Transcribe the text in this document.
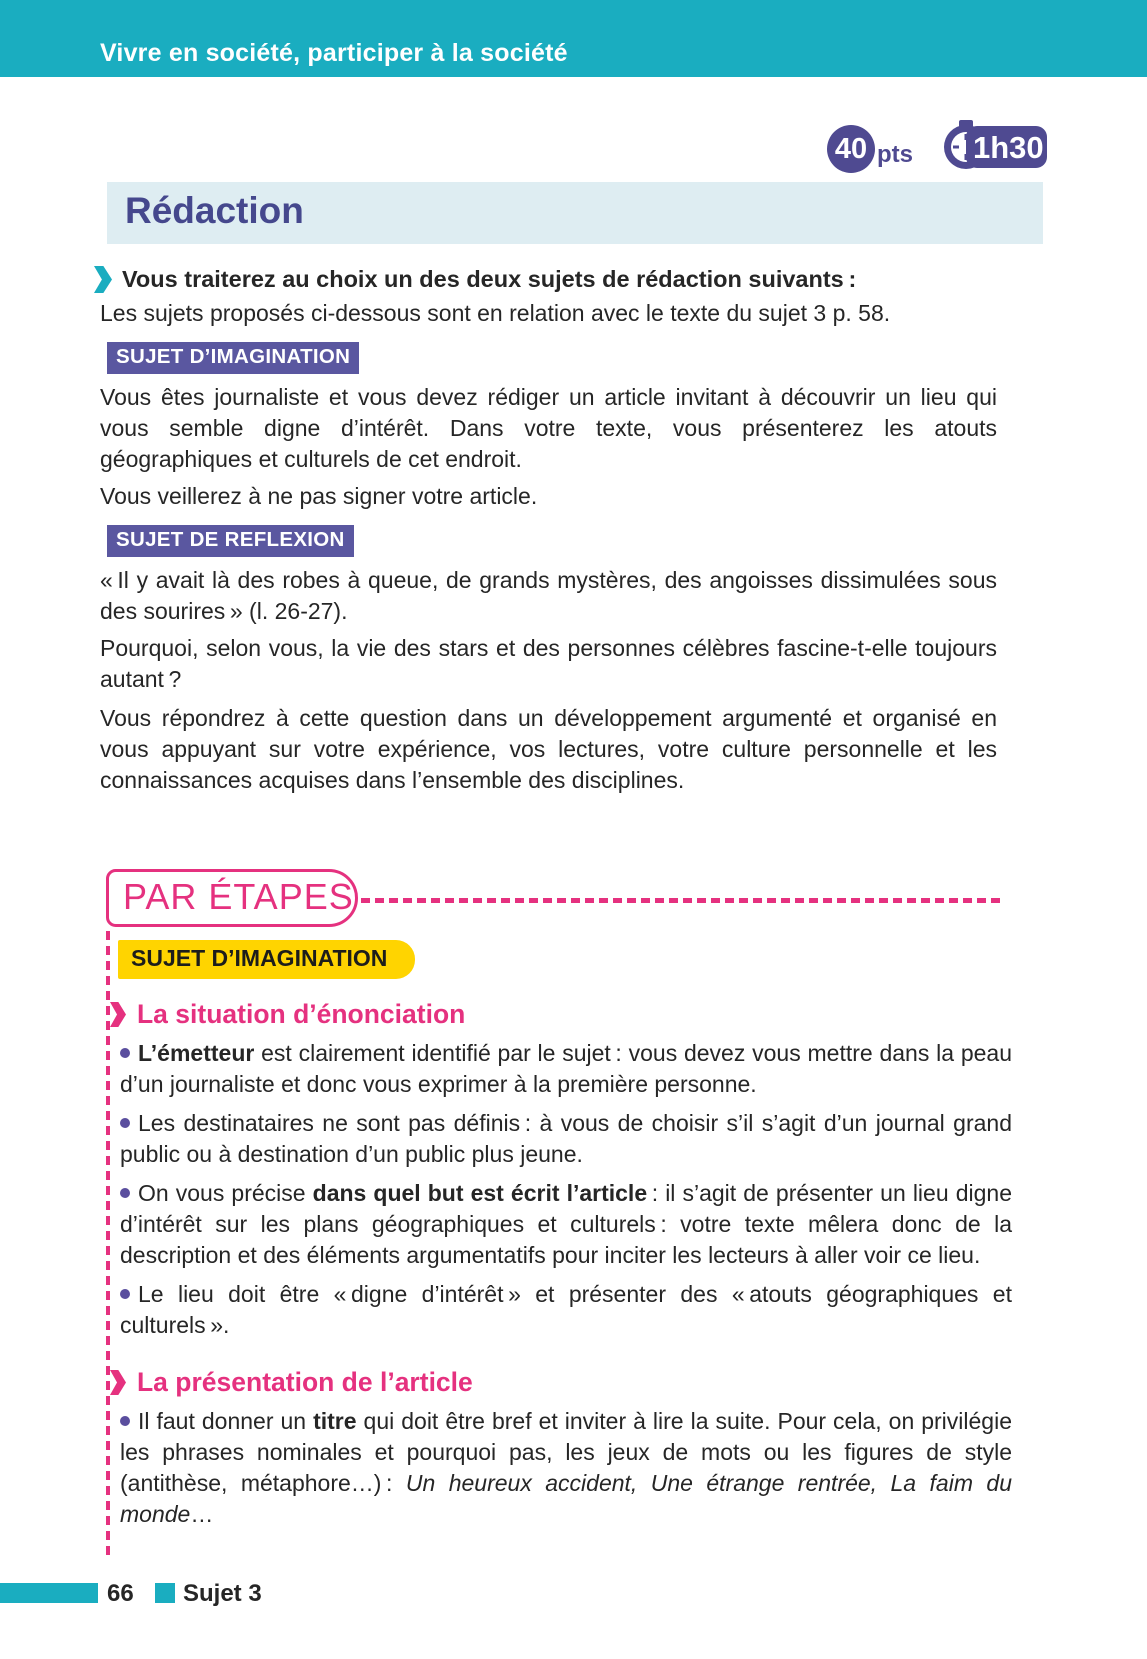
Vivre en société, participer à la société
40 pts 1h30
Rédaction
Vous traiterez au choix un des deux sujets de rédaction suivants :

Les sujets proposés ci-dessous sont en relation avec le texte du sujet 3 p. 58.

SUJET D’IMAGINATION

Vous êtes journaliste et vous devez rédiger un article invitant à découvrir un lieu qui vous semble digne d’intérêt. Dans votre texte, vous présenterez les atouts géographiques et culturels de cet endroit.

Vous veillerez à ne pas signer votre article.

SUJET DE REFLEXION

« Il y avait là des robes à queue, de grands mystères, des angoisses dissimulées sous des sourires » (l. 26-27).

Pourquoi, selon vous, la vie des stars et des personnes célèbres fascine-t-elle toujours autant ?

Vous répondrez à cette question dans un développement argumenté et organisé en vous appuyant sur votre expérience, vos lectures, votre culture personnelle et les connaissances acquises dans l’ensemble des disciplines.

PAR ÉTAPES
SUJET D’IMAGINATION
La situation d’énonciation
L’émetteur est clairement identifié par le sujet : vous devez vous mettre dans la peau d’un journaliste et donc vous exprimer à la première personne.
Les destinataires ne sont pas définis : à vous de choisir s’il s’agit d’un journal grand public ou à destination d’un public plus jeune.
On vous précise dans quel but est écrit l’article : il s’agit de présenter un lieu digne d’intérêt sur les plans géographiques et culturels : votre texte mêlera donc de la description et des éléments argumentatifs pour inciter les lecteurs à aller voir ce lieu.
Le lieu doit être « digne d’intérêt » et présenter des « atouts géographiques et culturels ».
La présentation de l’article
Il faut donner un titre qui doit être bref et inviter à lire la suite. Pour cela, on privilégie les phrases nominales et pourquoi pas, les jeux de mots ou les figures de style (antithèse, métaphore…) : Un heureux accident, Une étrange rentrée, La faim du monde…
66 Sujet 3
